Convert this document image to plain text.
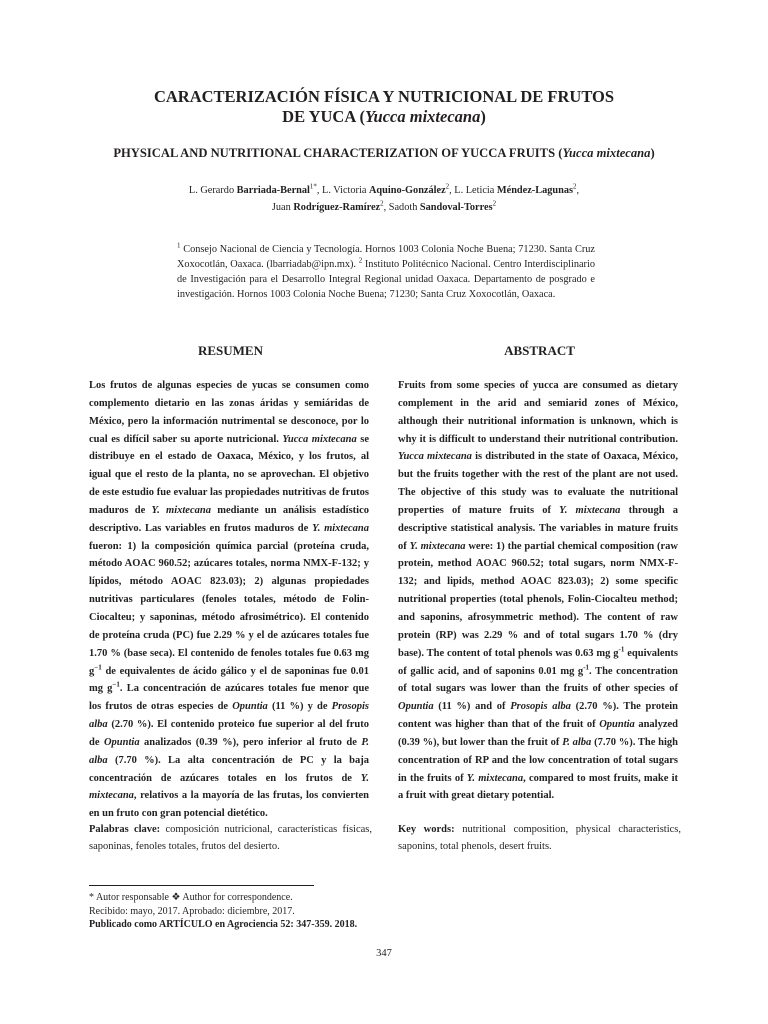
CARACTERIZACIÓN FÍSICA Y NUTRICIONAL DE FRUTOS
DE YUCA (Yucca mixtecana)
PHYSICAL AND NUTRITIONAL CHARACTERIZATION OF YUCCA FRUITS (Yucca mixtecana)
L. Gerardo Barriada-Bernal$^{1*}$, L. Victoria Aquino-González$^2$, L. Leticia Méndez-Lagunas$^2$,
Juan Rodríguez-Ramírez$^2$, Sadoth Sandoval-Torres$^2$
$^1$ Consejo Nacional de Ciencia y Tecnología. Hornos 1003 Colonia Noche Buena; 71230. Santa Cruz Xoxocotlán, Oaxaca. (lbarriadab@ipn.mx). $^2$ Instituto Politécnico Nacional. Centro Interdisciplinario de Investigación para el Desarrollo Integral Regional unidad Oaxaca. Departamento de posgrado e investigación. Hornos 1003 Colonia Noche Buena; 71230; Santa Cruz Xoxocotlán, Oaxaca.
RESUMEN	ABSTRACT
Los frutos de algunas especies de yucas se consumen como complemento dietario en las zonas áridas y semiáridas de México, pero la información nutrimental se desconoce, por lo cual es difícil saber su aporte nutricional. Yucca mixtecana se distribuye en el estado de Oaxaca, México, y los frutos, al igual que el resto de la planta, no se aprovechan. El objetivo de este estudio fue evaluar las propiedades nutritivas de frutos maduros de Y. mixtecana mediante un análisis estadístico descriptivo. Las variables en frutos maduros de Y. mixtecana fueron: 1) la composición química parcial (proteína cruda, método AOAC 960.52; azúcares totales, norma NMX-F-132; y lípidos, método AOAC 823.03); 2) algunas propiedades nutritivas particulares (fenoles totales, método de Folin-Ciocalteu; y saponinas, método afrosimétrico). El contenido de proteína cruda (PC) fue 2.29 % y el de azúcares totales fue 1.70 % (base seca). El contenido de fenoles totales fue 0.63 mg $g^{-1}$ de equivalentes de ácido gálico y el de saponinas fue 0.01 mg $g^{-1}$. La concentración de azúcares totales fue menor que los frutos de otras especies de Opuntia (11 %) y de Prosopis alba (2.70 %). El contenido proteico fue superior al del fruto de Opuntia analizados (0.39 %), pero inferior al fruto de P. alba (7.70 %). La alta concentración de PC y la baja concentración de azúcares totales en los frutos de Y. mixtecana, relativos a la mayoría de las frutas, los convierten en un fruto con gran potencial dietético.
Fruits from some species of yucca are consumed as dietary complement in the arid and semiarid zones of México, although their nutritional information is unknown, which is why it is difficult to understand their nutritional contribution. Yucca mixtecana is distributed in the state of Oaxaca, México, but the fruits together with the rest of the plant are not used. The objective of this study was to evaluate the nutritional properties of mature fruits of Y. mixtecana through a descriptive statistical analysis. The variables in mature fruits of Y. mixtecana were: 1) the partial chemical composition (raw protein, method AOAC 960.52; total sugars, norm NMX-F-132; and lipids, method AOAC 823.03); 2) some specific nutritional properties (total phenols, Folin-Ciocalteu method; and saponins, afrosymmetric method). The content of raw protein (RP) was 2.29 % and of total sugars 1.70 % (dry base). The content of total phenols was 0.63 mg $g^{-1}$ equivalents of gallic acid, and of saponins 0.01 mg $g^{-1}$. The concentration of total sugars was lower than the fruits of other species of Opuntia (11 %) and of Prosopis alba (2.70 %). The protein content was higher than that of the fruit of Opuntia analyzed (0.39 %), but lower than the fruit of P. alba (7.70 %). The high concentration of RP and the low concentration of total sugars in the fruits of Y. mixtecana, compared to most fruits, make it a fruit with great dietary potential.
Palabras clave: composición nutricional, características físicas, saponinas, fenoles totales, frutos del desierto.
Key words: nutritional composition, physical characteristics, saponins, total phenols, desert fruits.
* Autor responsable ❖ Author for correspondence.
Recibido: mayo, 2017. Aprobado: diciembre, 2017.
Publicado como ARTÍCULO en Agrociencia 52: 347-359. 2018.
347
